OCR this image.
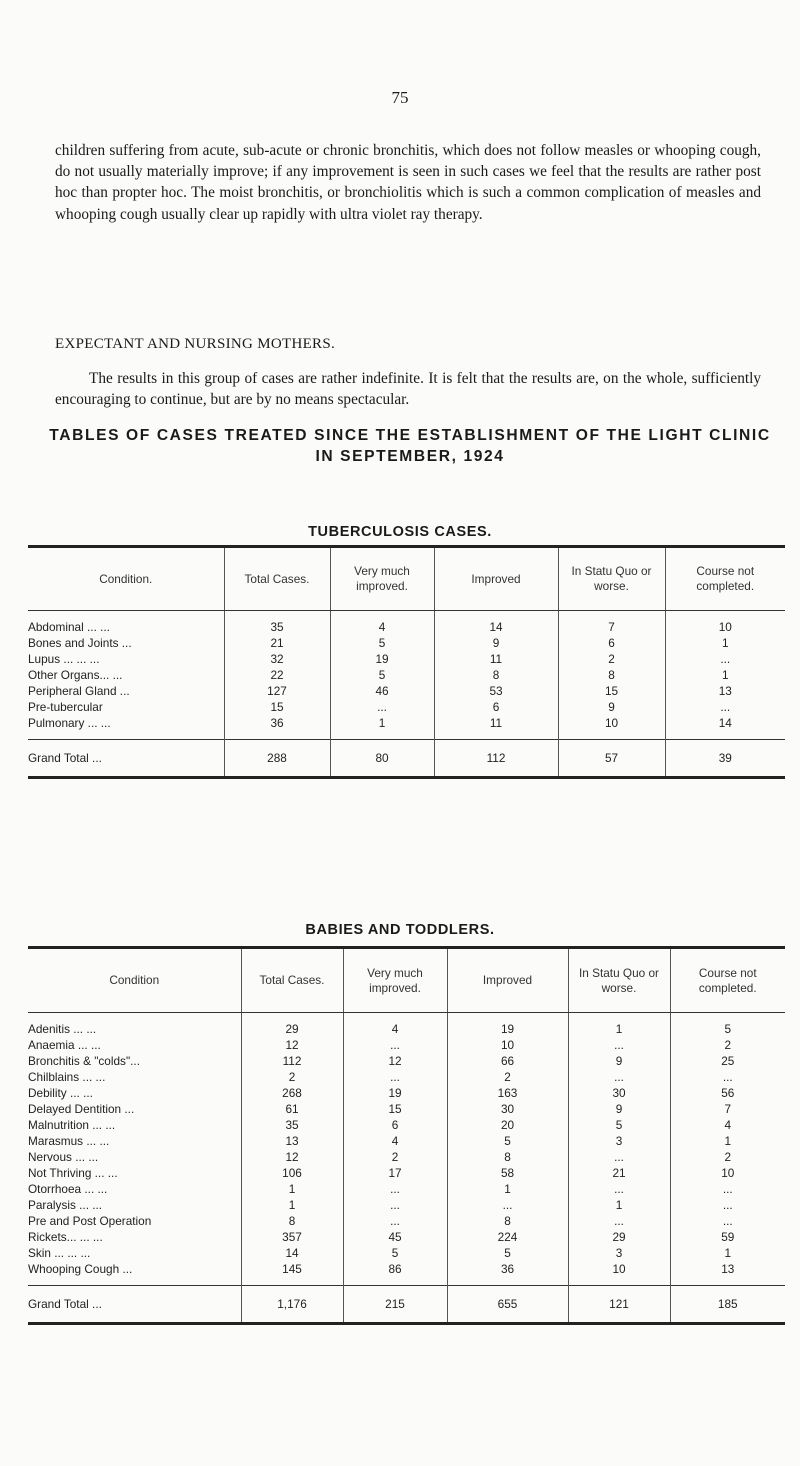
75

children suffering from acute, sub-acute or chronic bronchitis, which does not follow measles or whooping cough, do not usually materially improve; if any improvement is seen in such cases we feel that the results are rather post hoc than propter hoc. The moist bronchitis, or bronchiolitis which is such a common complication of measles and whooping cough usually clear up rapidly with ultra violet ray therapy.

EXPECTANT AND NURSING MOTHERS.

The results in this group of cases are rather indefinite. It is felt that the results are, on the whole, sufficiently encouraging to continue, but are by no means spectacular.

TABLES OF CASES TREATED SINCE THE ESTABLISHMENT OF THE LIGHT CLINIC IN SEPTEMBER, 1924
TUBERCULOSIS CASES.
Condition.	Total Cases.	Very much improved.	Improved	In Statu Quo or worse.	Course not completed.
Abdominal ... ...	35	4	14	7	10
Bones and Joints ...	21	5	9	6	1
Lupus ... ... ...	32	19	11	2	...
Other Organs... ...	22	5	8	8	1
Peripheral Gland ...	127	46	53	15	13
Pre-tubercular	15	...	6	9	...
Pulmonary ... ...	36	1	11	10	14
Grand Total ...	288	80	112	57	39
BABIES AND TODDLERS.
Condition	Total Cases.	Very much improved.	Improved	In Statu Quo or worse.	Course not completed.
Adenitis ... ...	29	4	19	1	5
Anaemia ... ...	12	...	10	...	2
Bronchitis & "colds"...	112	12	66	9	25
Chilblains ... ...	2	...	2	...	...
Debility ... ...	268	19	163	30	56
Delayed Dentition ...	61	15	30	9	7
Malnutrition ... ...	35	6	20	5	4
Marasmus ... ...	13	4	5	3	1
Nervous ... ...	12	2	8	...	2
Not Thriving ... ...	106	17	58	21	10
Otorrhoea ... ...	1	...	1	...	...
Paralysis ... ...	1	...	...	1	...
Pre and Post Operation	8	...	8	...	...
Rickets... ... ...	357	45	224	29	59
Skin ... ... ...	14	5	5	3	1
Whooping Cough ...	145	86	36	10	13
Grand Total ...	1,176	215	655	121	185
